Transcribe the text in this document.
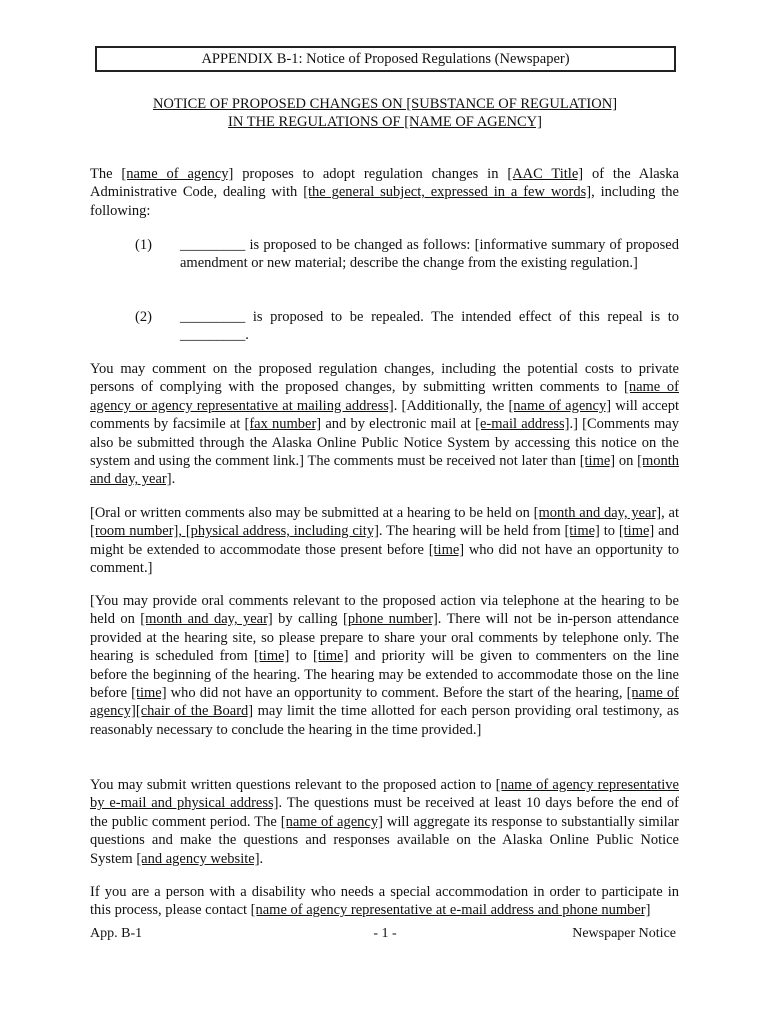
APPENDIX B-1: Notice of Proposed Regulations (Newspaper)
NOTICE OF PROPOSED CHANGES ON [SUBSTANCE OF REGULATION]
IN THE REGULATIONS OF [NAME OF AGENCY]
The [name of agency] proposes to adopt regulation changes in [AAC Title] of the Alaska Administrative Code, dealing with [the general subject, expressed in a few words], including the following:
(1) _________ is proposed to be changed as follows: [informative summary of proposed amendment or new material; describe the change from the existing regulation.]
(2) _________ is proposed to be repealed. The intended effect of this repeal is to _________.
You may comment on the proposed regulation changes, including the potential costs to private persons of complying with the proposed changes, by submitting written comments to [name of agency or agency representative at mailing address]. [Additionally, the [name of agency] will accept comments by facsimile at [fax number] and by electronic mail at [e-mail address].] [Comments may also be submitted through the Alaska Online Public Notice System by accessing this notice on the system and using the comment link.] The comments must be received not later than [time] on [month and day, year].
[Oral or written comments also may be submitted at a hearing to be held on [month and day, year], at [room number], [physical address, including city]. The hearing will be held from [time] to [time] and might be extended to accommodate those present before [time] who did not have an opportunity to comment.]
[You may provide oral comments relevant to the proposed action via telephone at the hearing to be held on [month and day, year] by calling [phone number]. There will not be in-person attendance provided at the hearing site, so please prepare to share your oral comments by telephone only. The hearing is scheduled from [time] to [time] and priority will be given to commenters on the line before the beginning of the hearing. The hearing may be extended to accommodate those on the line before [time] who did not have an opportunity to comment. Before the start of the hearing, [name of agency][chair of the Board] may limit the time allotted for each person providing oral testimony, as reasonably necessary to conclude the hearing in the time provided.]
You may submit written questions relevant to the proposed action to [name of agency representative by e-mail and physical address]. The questions must be received at least 10 days before the end of the public comment period. The [name of agency] will aggregate its response to substantially similar questions and make the questions and responses available on the Alaska Online Public Notice System [and agency website].
If you are a person with a disability who needs a special accommodation in order to participate in this process, please contact [name of agency representative at e-mail address and phone number]
App. B-1	- 1 -	Newspaper Notice
